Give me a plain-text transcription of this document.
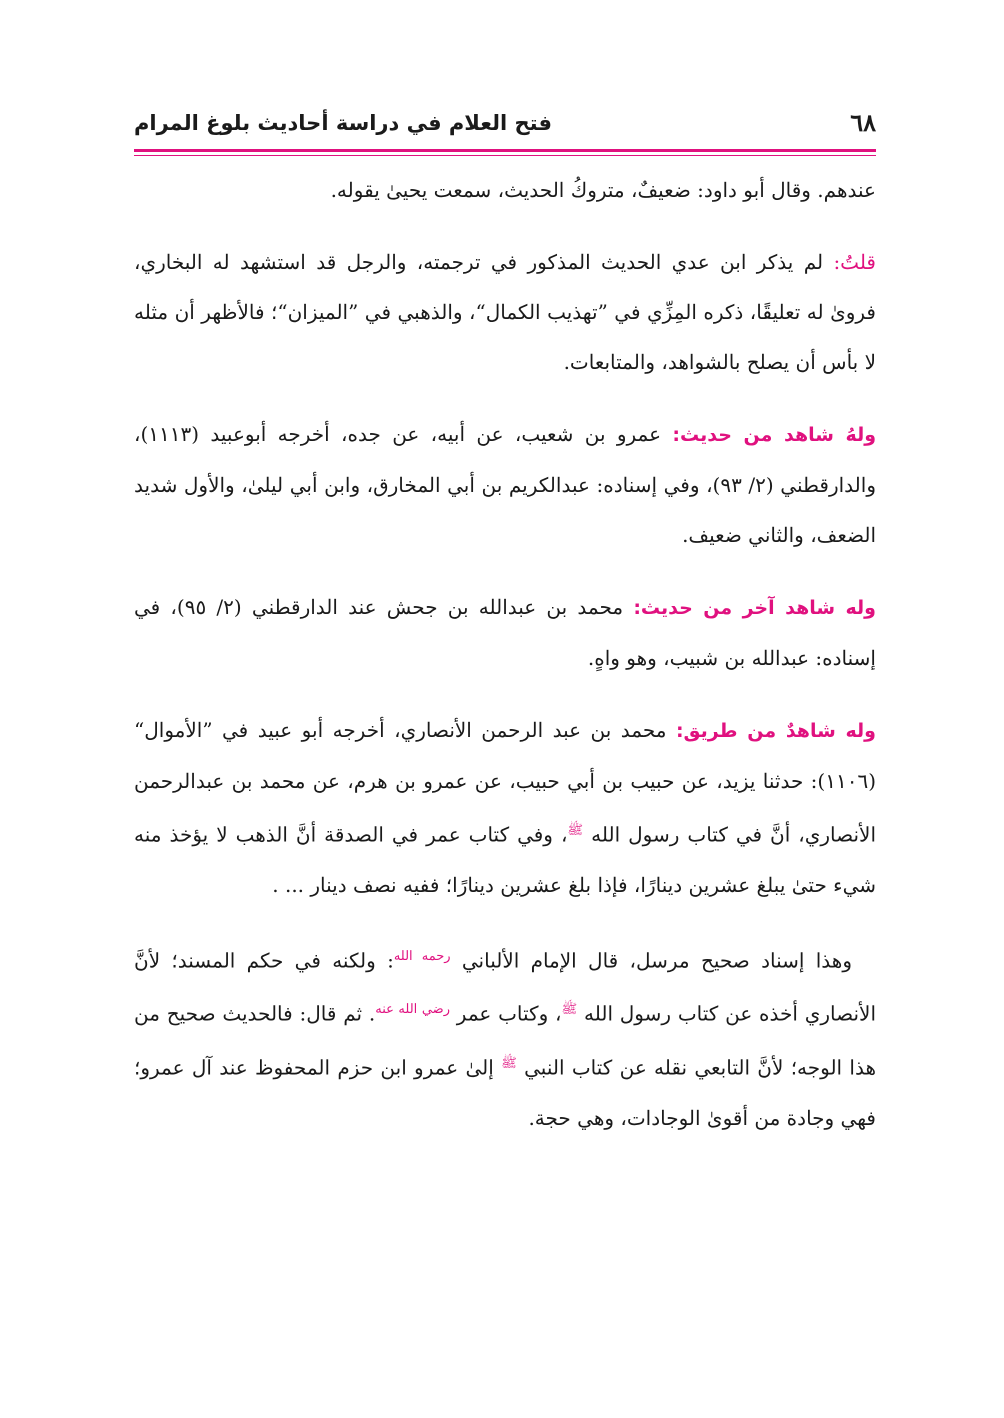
٦٨
فتح العلام في دراسة أحاديث بلوغ المرام

عندهم. وقال أبو داود: ضعيفٌ، متروكُ الحديث، سمعت يحيىٰ يقوله.

قلتُ: لم يذكر ابن عدي الحديث المذكور في ترجمته، والرجل قد استشهد له البخاري، فروىٰ له تعليقًا، ذكره المِزِّي في ”تهذيب الكمال“، والذهبي في ”الميزان“؛ فالأظهر أن مثله لا بأس أن يصلح بالشواهد، والمتابعات.

ولهُ شاهد من حديث: عمرو بن شعيب، عن أبيه، عن جده، أخرجه أبوعبيد (١١١٣)، والدارقطني (٢/ ٩٣)، وفي إسناده: عبدالكريم بن أبي المخارق، وابن أبي ليلىٰ، والأول شديد الضعف، والثاني ضعيف.

وله شاهد آخر من حديث: محمد بن عبدالله بن جحش عند الدارقطني (٢/ ٩٥)، في إسناده: عبدالله بن شبيب، وهو واهٍ.

وله شاهدٌ من طريق: محمد بن عبد الرحمن الأنصاري، أخرجه أبو عبيد في ”الأموال“ (١١٠٦): حدثنا يزيد، عن حبيب بن أبي حبيب، عن عمرو بن هرم، عن محمد بن عبدالرحمن الأنصاري، أنَّ في كتاب رسول الله $^ﷺ$، وفي كتاب عمر في الصدقة أنَّ الذهب لا يؤخذ منه شيء حتىٰ يبلغ عشرين دينارًا، فإذا بلغ عشرين دينارًا؛ ففيه نصف دينار ... .

وهذا إسناد صحيح مرسل، قال الإمام الألباني $^{رحمه الله}$: ولكنه في حكم المسند؛ لأنَّ الأنصاري أخذه عن كتاب رسول الله $^ﷺ$، وكتاب عمر $^{رضي الله عنه}$. ثم قال: فالحديث صحيح من هذا الوجه؛ لأنَّ التابعي نقله عن كتاب النبي $^ﷺ$ إلىٰ عمرو ابن حزم المحفوظ عند آل عمرو؛ فهي وجادة من أقوىٰ الوجادات، وهي حجة.
